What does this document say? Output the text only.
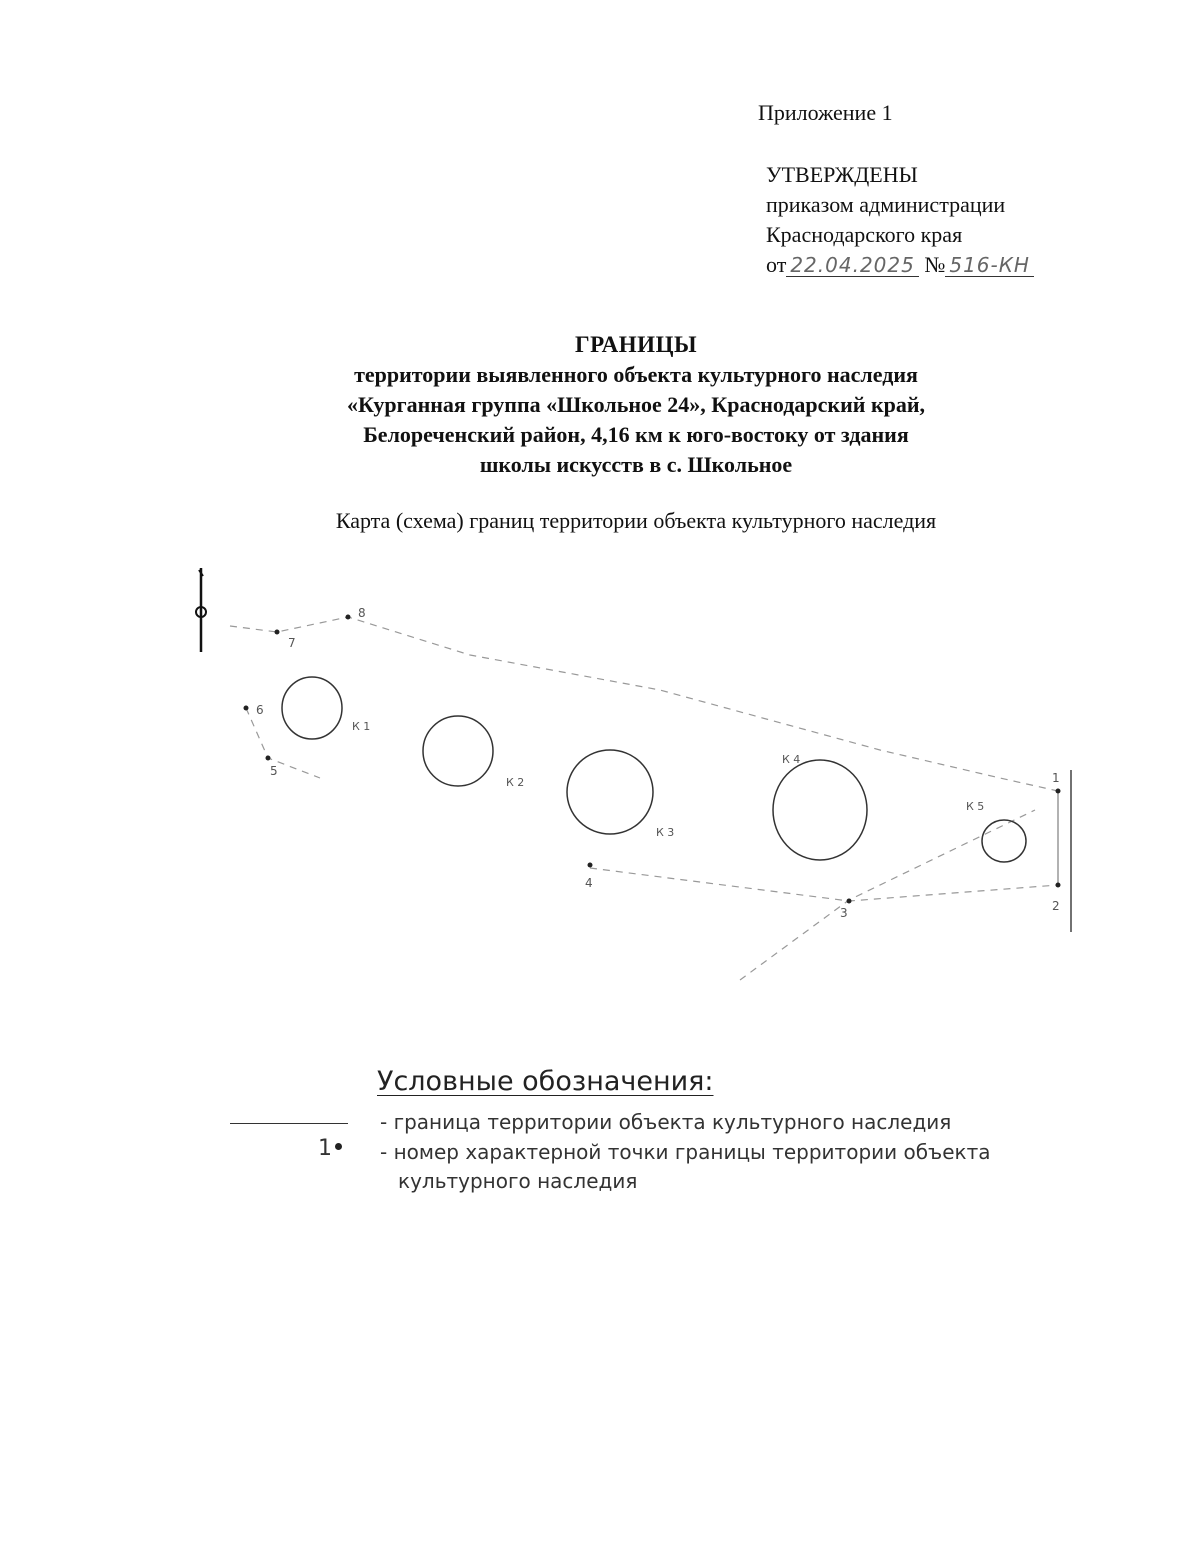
Приложение 1
УТВЕРЖДЕНЫ
приказом администрации
Краснодарского края
от 22.04.2025 № 516-КН
ГРАНИЦЫ
территории выявленного объекта культурного наследия
«Курганная группа «Школьное 24», Краснодарский край,
Белореченский район, 4,16 км к юго-востоку от здания
школы искусств в с. Школьное
Карта (схема) границ территории объекта культурного наследия
1
2
3
4
5
6
7
8
К 1
К 2
К 3
К 4
К 5
Условные обозначения:
- граница территории объекта культурного наследия
1	- номер характерной точки границы территории объекта
культурного наследия
